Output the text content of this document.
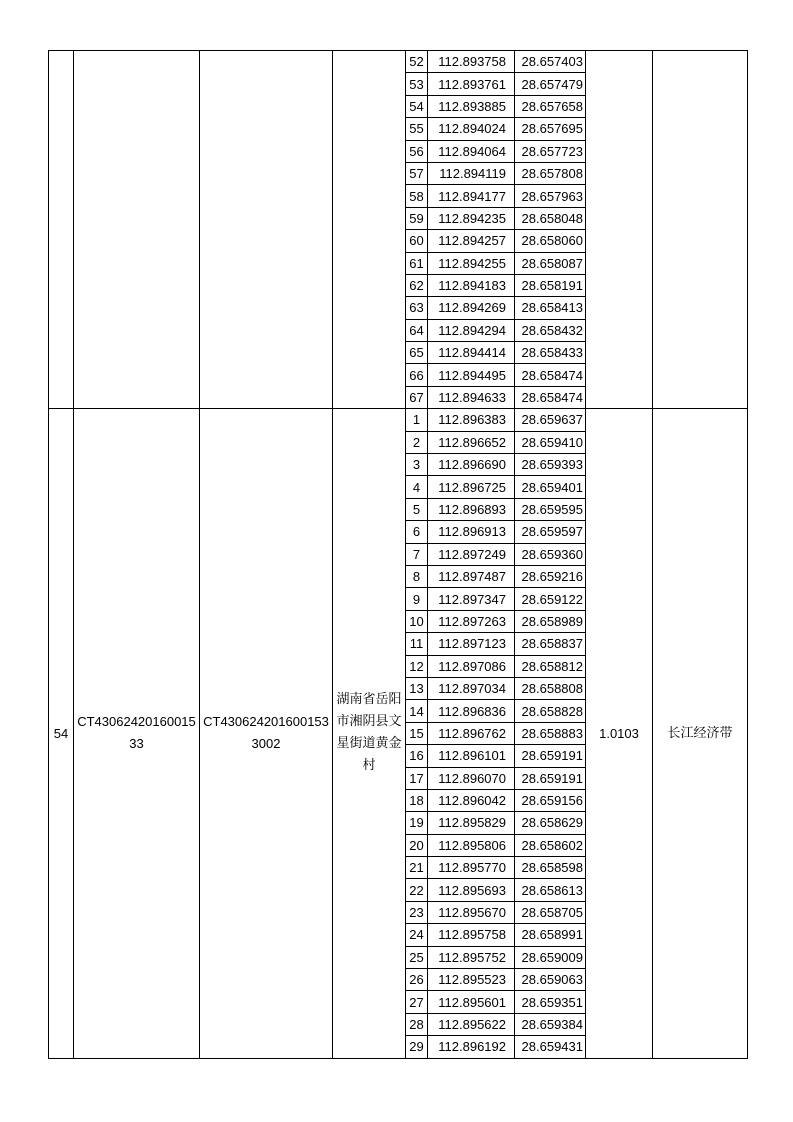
				52	112.893758	28.657403		
				53	112.893761	28.657479		
				54	112.893885	28.657658		
				55	112.894024	28.657695		
				56	112.894064	28.657723		
				57	112.894119	28.657808		
				58	112.894177	28.657963		
				59	112.894235	28.658048		
				60	112.894257	28.658060		
				61	112.894255	28.658087		
				62	112.894183	28.658191		
				63	112.894269	28.658413		
				64	112.894294	28.658432		
				65	112.894414	28.658433		
				66	112.894495	28.658474		
				67	112.894633	28.658474		
54	CT4306242016001533	CT4306242016001533002	湖南省岳阳市湘阴县文星街道黄金村	1	112.896383	28.659637	1.0103	长江经济带
				2	112.896652	28.659410		
				3	112.896690	28.659393		
				4	112.896725	28.659401		
				5	112.896893	28.659595		
				6	112.896913	28.659597		
				7	112.897249	28.659360		
				8	112.897487	28.659216		
				9	112.897347	28.659122		
				10	112.897263	28.658989		
				11	112.897123	28.658837		
				12	112.897086	28.658812		
				13	112.897034	28.658808		
				14	112.896836	28.658828		
				15	112.896762	28.658883		
				16	112.896101	28.659191		
				17	112.896070	28.659191		
				18	112.896042	28.659156		
				19	112.895829	28.658629		
				20	112.895806	28.658602		
				21	112.895770	28.658598		
				22	112.895693	28.658613		
				23	112.895670	28.658705		
				24	112.895758	28.658991		
				25	112.895752	28.659009		
				26	112.895523	28.659063		
				27	112.895601	28.659351		
				28	112.895622	28.659384		
				29	112.896192	28.659431		
